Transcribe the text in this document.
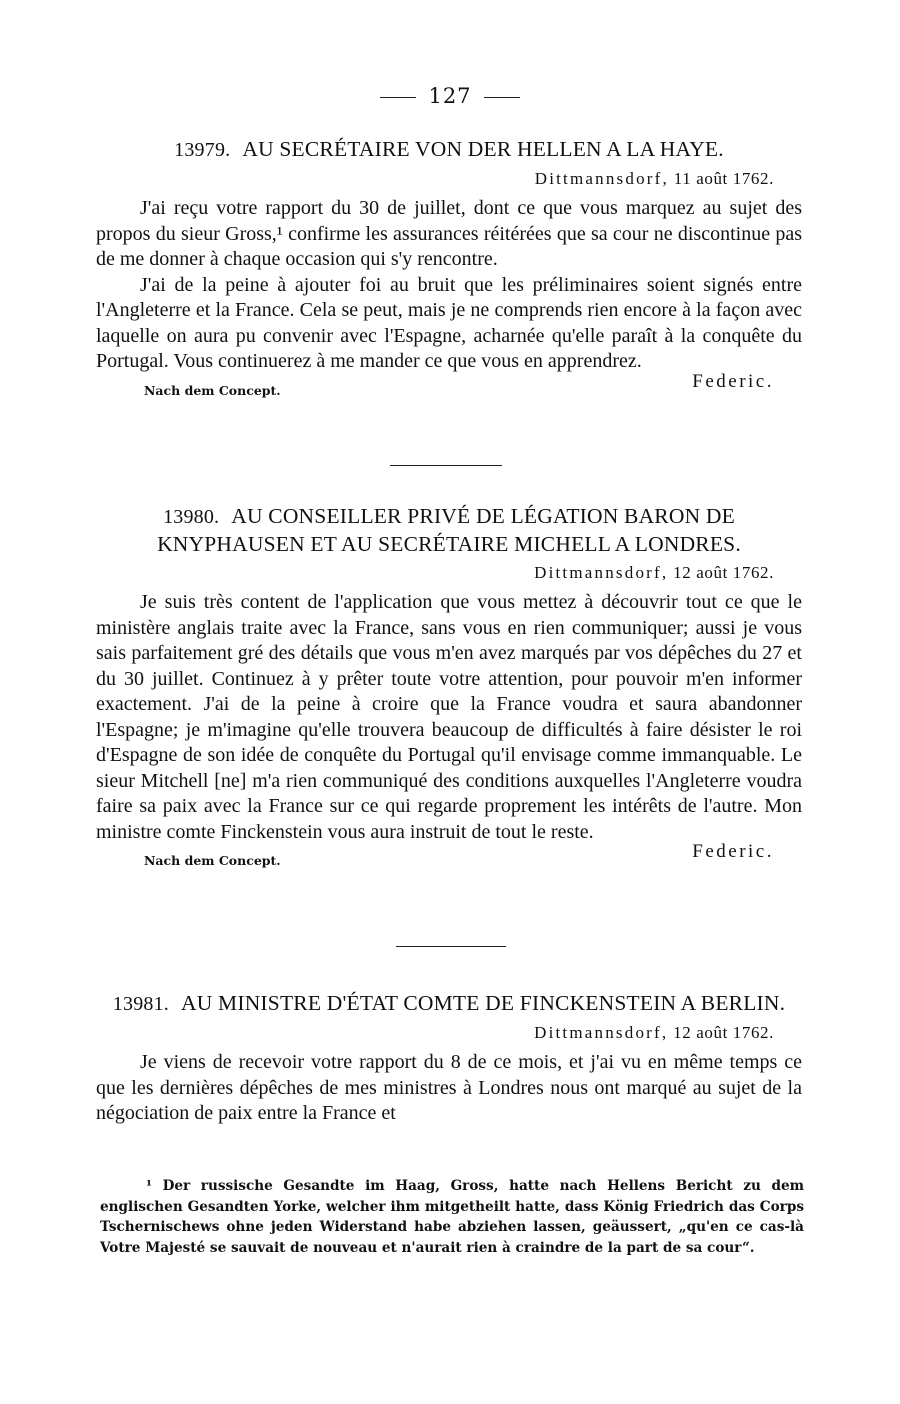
127
13979. AU SECRÉTAIRE VON DER HELLEN A LA HAYE.
Dittmannsdorf, 11 août 1762.

J'ai reçu votre rapport du 30 de juillet, dont ce que vous marquez au sujet des propos du sieur Gross,¹ confirme les assurances réitérées que sa cour ne discontinue pas de me donner à chaque occasion qui s'y rencontre.

J'ai de la peine à ajouter foi au bruit que les préliminaires soient signés entre l'Angleterre et la France. Cela se peut, mais je ne comprends rien encore à la façon avec laquelle on aura pu convenir avec l'Espagne, acharnée qu'elle paraît à la conquête du Portugal. Vous continuerez à me mander ce que vous en apprendrez.

Nach dem Concept.	Federic.
13980. AU CONSEILLER PRIVÉ DE LÉGATION BARON DE KNYPHAUSEN ET AU SECRÉTAIRE MICHELL A LONDRES.
Dittmannsdorf, 12 août 1762.

Je suis très content de l'application que vous mettez à découvrir tout ce que le ministère anglais traite avec la France, sans vous en rien communiquer; aussi je vous sais parfaitement gré des détails que vous m'en avez marqués par vos dépêches du 27 et du 30 juillet. Continuez à y prêter toute votre attention, pour pouvoir m'en informer exactement. J'ai de la peine à croire que la France voudra et saura abandonner l'Espagne; je m'imagine qu'elle trouvera beaucoup de difficultés à faire désister le roi d'Espagne de son idée de conquête du Portugal qu'il envisage comme immanquable. Le sieur Mitchell [ne] m'a rien communiqué des conditions auxquelles l'Angleterre voudra faire sa paix avec la France sur ce qui regarde proprement les intérêts de l'autre. Mon ministre comte Finckenstein vous aura instruit de tout le reste.

Nach dem Concept.	Federic.
13981. AU MINISTRE D'ÉTAT COMTE DE FINCKENSTEIN A BERLIN.
Dittmannsdorf, 12 août 1762.

Je viens de recevoir votre rapport du 8 de ce mois, et j'ai vu en même temps ce que les dernières dépêches de mes ministres à Londres nous ont marqué au sujet de la négociation de paix entre la France et

¹ Der russische Gesandte im Haag, Gross, hatte nach Hellens Bericht zu dem englischen Gesandten Yorke, welcher ihm mitgetheilt hatte, dass König Friedrich das Corps Tschernischews ohne jeden Widerstand habe abziehen lassen, geäussert, „qu'en ce cas-là Votre Majesté se sauvait de nouveau et n'aurait rien à craindre de la part de sa cour“.
